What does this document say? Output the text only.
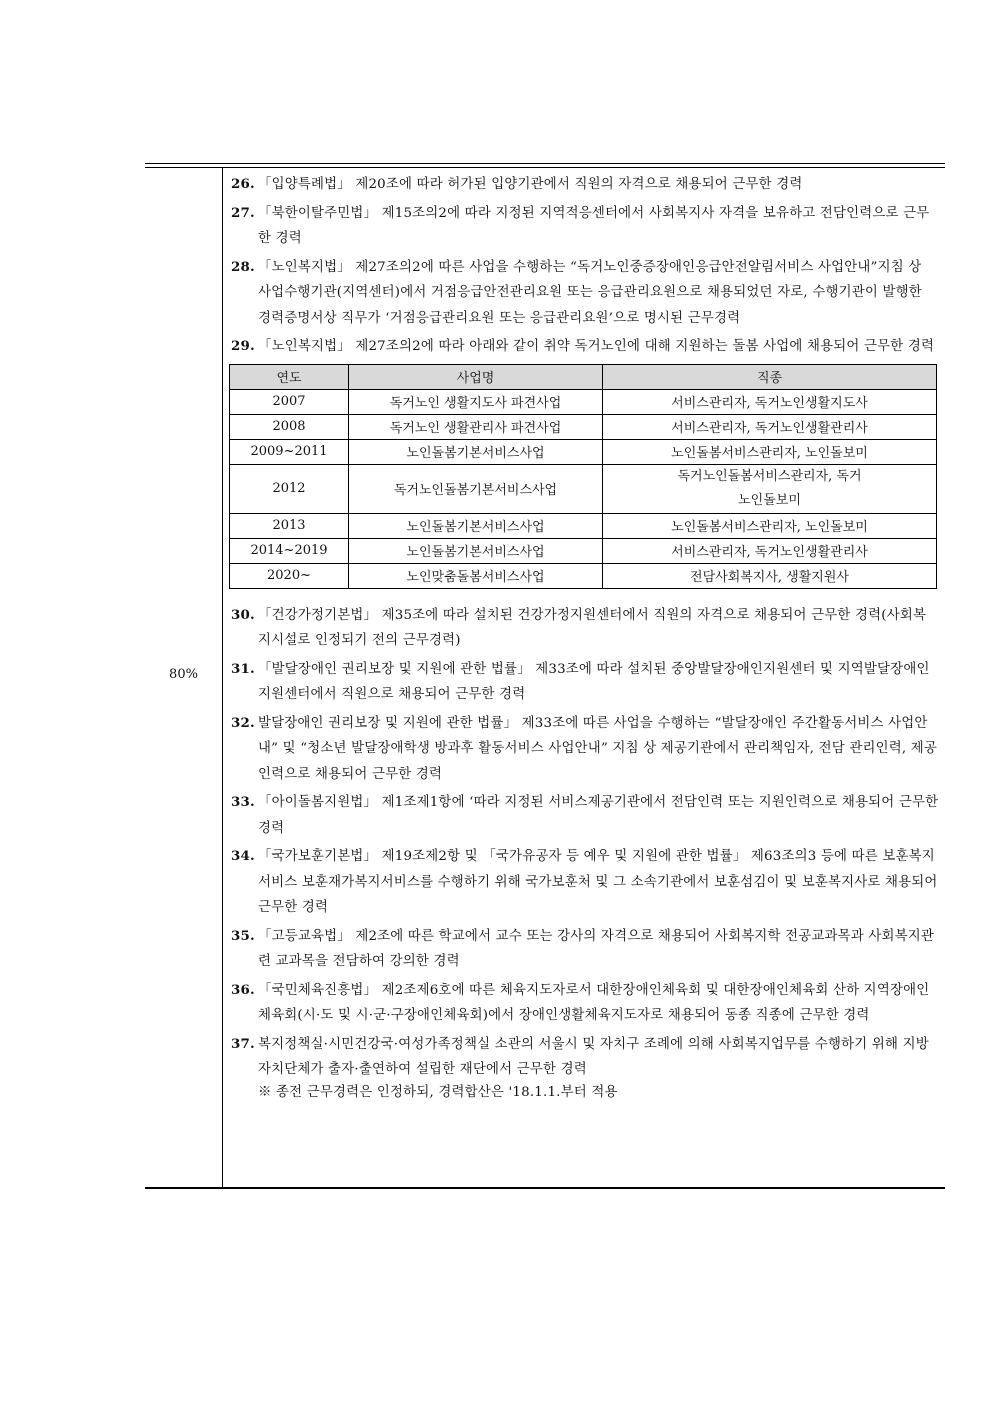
80%
26. 「입양특례법」 제20조에 따라 허가된 입양기관에서 직원의 자격으로 채용되어 근무한 경력
27. 「북한이탈주민법」 제15조의2에 따라 지정된 지역적응센터에서 사회복지사 자격을 보유하고 전담인력으로 근무한 경력
28. 「노인복지법」 제27조의2에 따른 사업을 수행하는 “독거노인중증장애인응급안전알림서비스 사업안내”지침 상 사업수행기관(지역센터)에서 거점응급안전관리요원 또는 응급관리요원으로 채용되었던 자로, 수행기관이 발행한 경력증명서상 직무가 ‘거점응급관리요원 또는 응급관리요원’으로 명시된 근무경력
29. 「노인복지법」 제27조의2에 따라 아래와 같이 취약 독거노인에 대해 지원하는 돌봄 사업에 채용되어 근무한 경력
연도	사업명	직종
2007	독거노인 생활지도사 파견사업	서비스관리자, 독거노인생활지도사
2008	독거노인 생활관리사 파견사업	서비스관리자, 독거노인생활관리사
2009~2011	노인돌봄기본서비스사업	노인돌봄서비스관리자, 노인돌보미
2012	독거노인돌봄기본서비스사업	독거노인돌봄서비스관리자, 독거노인돌보미
2013	노인돌봄기본서비스사업	노인돌봄서비스관리자, 노인돌보미
2014~2019	노인돌봄기본서비스사업	서비스관리자, 독거노인생활관리사
2020~	노인맞춤돌봄서비스사업	전담사회복지사, 생활지원사
30. 「건강가정기본법」 제35조에 따라 설치된 건강가정지원센터에서 직원의 자격으로 채용되어 근무한 경력(사회복지시설로 인정되기 전의 근무경력)
31. 「발달장애인 권리보장 및 지원에 관한 법률」 제33조에 따라 설치된 중앙발달장애인지원센터 및 지역발달장애인지원센터에서 직원으로 채용되어 근무한 경력
32. 발달장애인 권리보장 및 지원에 관한 법률」 제33조에 따른 사업을 수행하는 “발달장애인 주간활동서비스 사업안내” 및 “청소년 발달장애학생 방과후 활동서비스 사업안내” 지침 상 제공기관에서 관리책임자, 전담 관리인력, 제공인력으로 채용되어 근무한 경력
33. 「아이돌봄지원법」 제1조제1항에 ‘따라 지정된 서비스제공기관에서 전담인력 또는 지원인력으로 채용되어 근무한 경력
34. 「국가보훈기본법」 제19조제2항 및 「국가유공자 등 예우 및 지원에 관한 법률」 제63조의3 등에 따른 보훈복지서비스 보훈재가복지서비스를 수행하기 위해 국가보훈처 및 그 소속기관에서 보훈섬김이 및 보훈복지사로 채용되어 근무한 경력
35. 「고등교육법」 제2조에 따른 학교에서 교수 또는 강사의 자격으로 채용되어 사회복지학 전공교과목과 사회복지관련 교과목을 전담하여 강의한 경력
36. 「국민체육진흥법」 제2조제6호에 따른 체육지도자로서 대한장애인체육회 및 대한장애인체육회 산하 지역장애인체육회(시·도 및 시·군·구장애인체육회)에서 장애인생활체육지도자로 채용되어 동종 직종에 근무한 경력
37. 복지정책실·시민건강국·여성가족정책실 소관의 서울시 및 자치구 조례에 의해 사회복지업무를 수행하기 위해 지방자치단체가 출자·출연하여 설립한 재단에서 근무한 경력
※ 종전 근무경력은 인정하되, 경력합산은 '18.1.1.부터 적용
